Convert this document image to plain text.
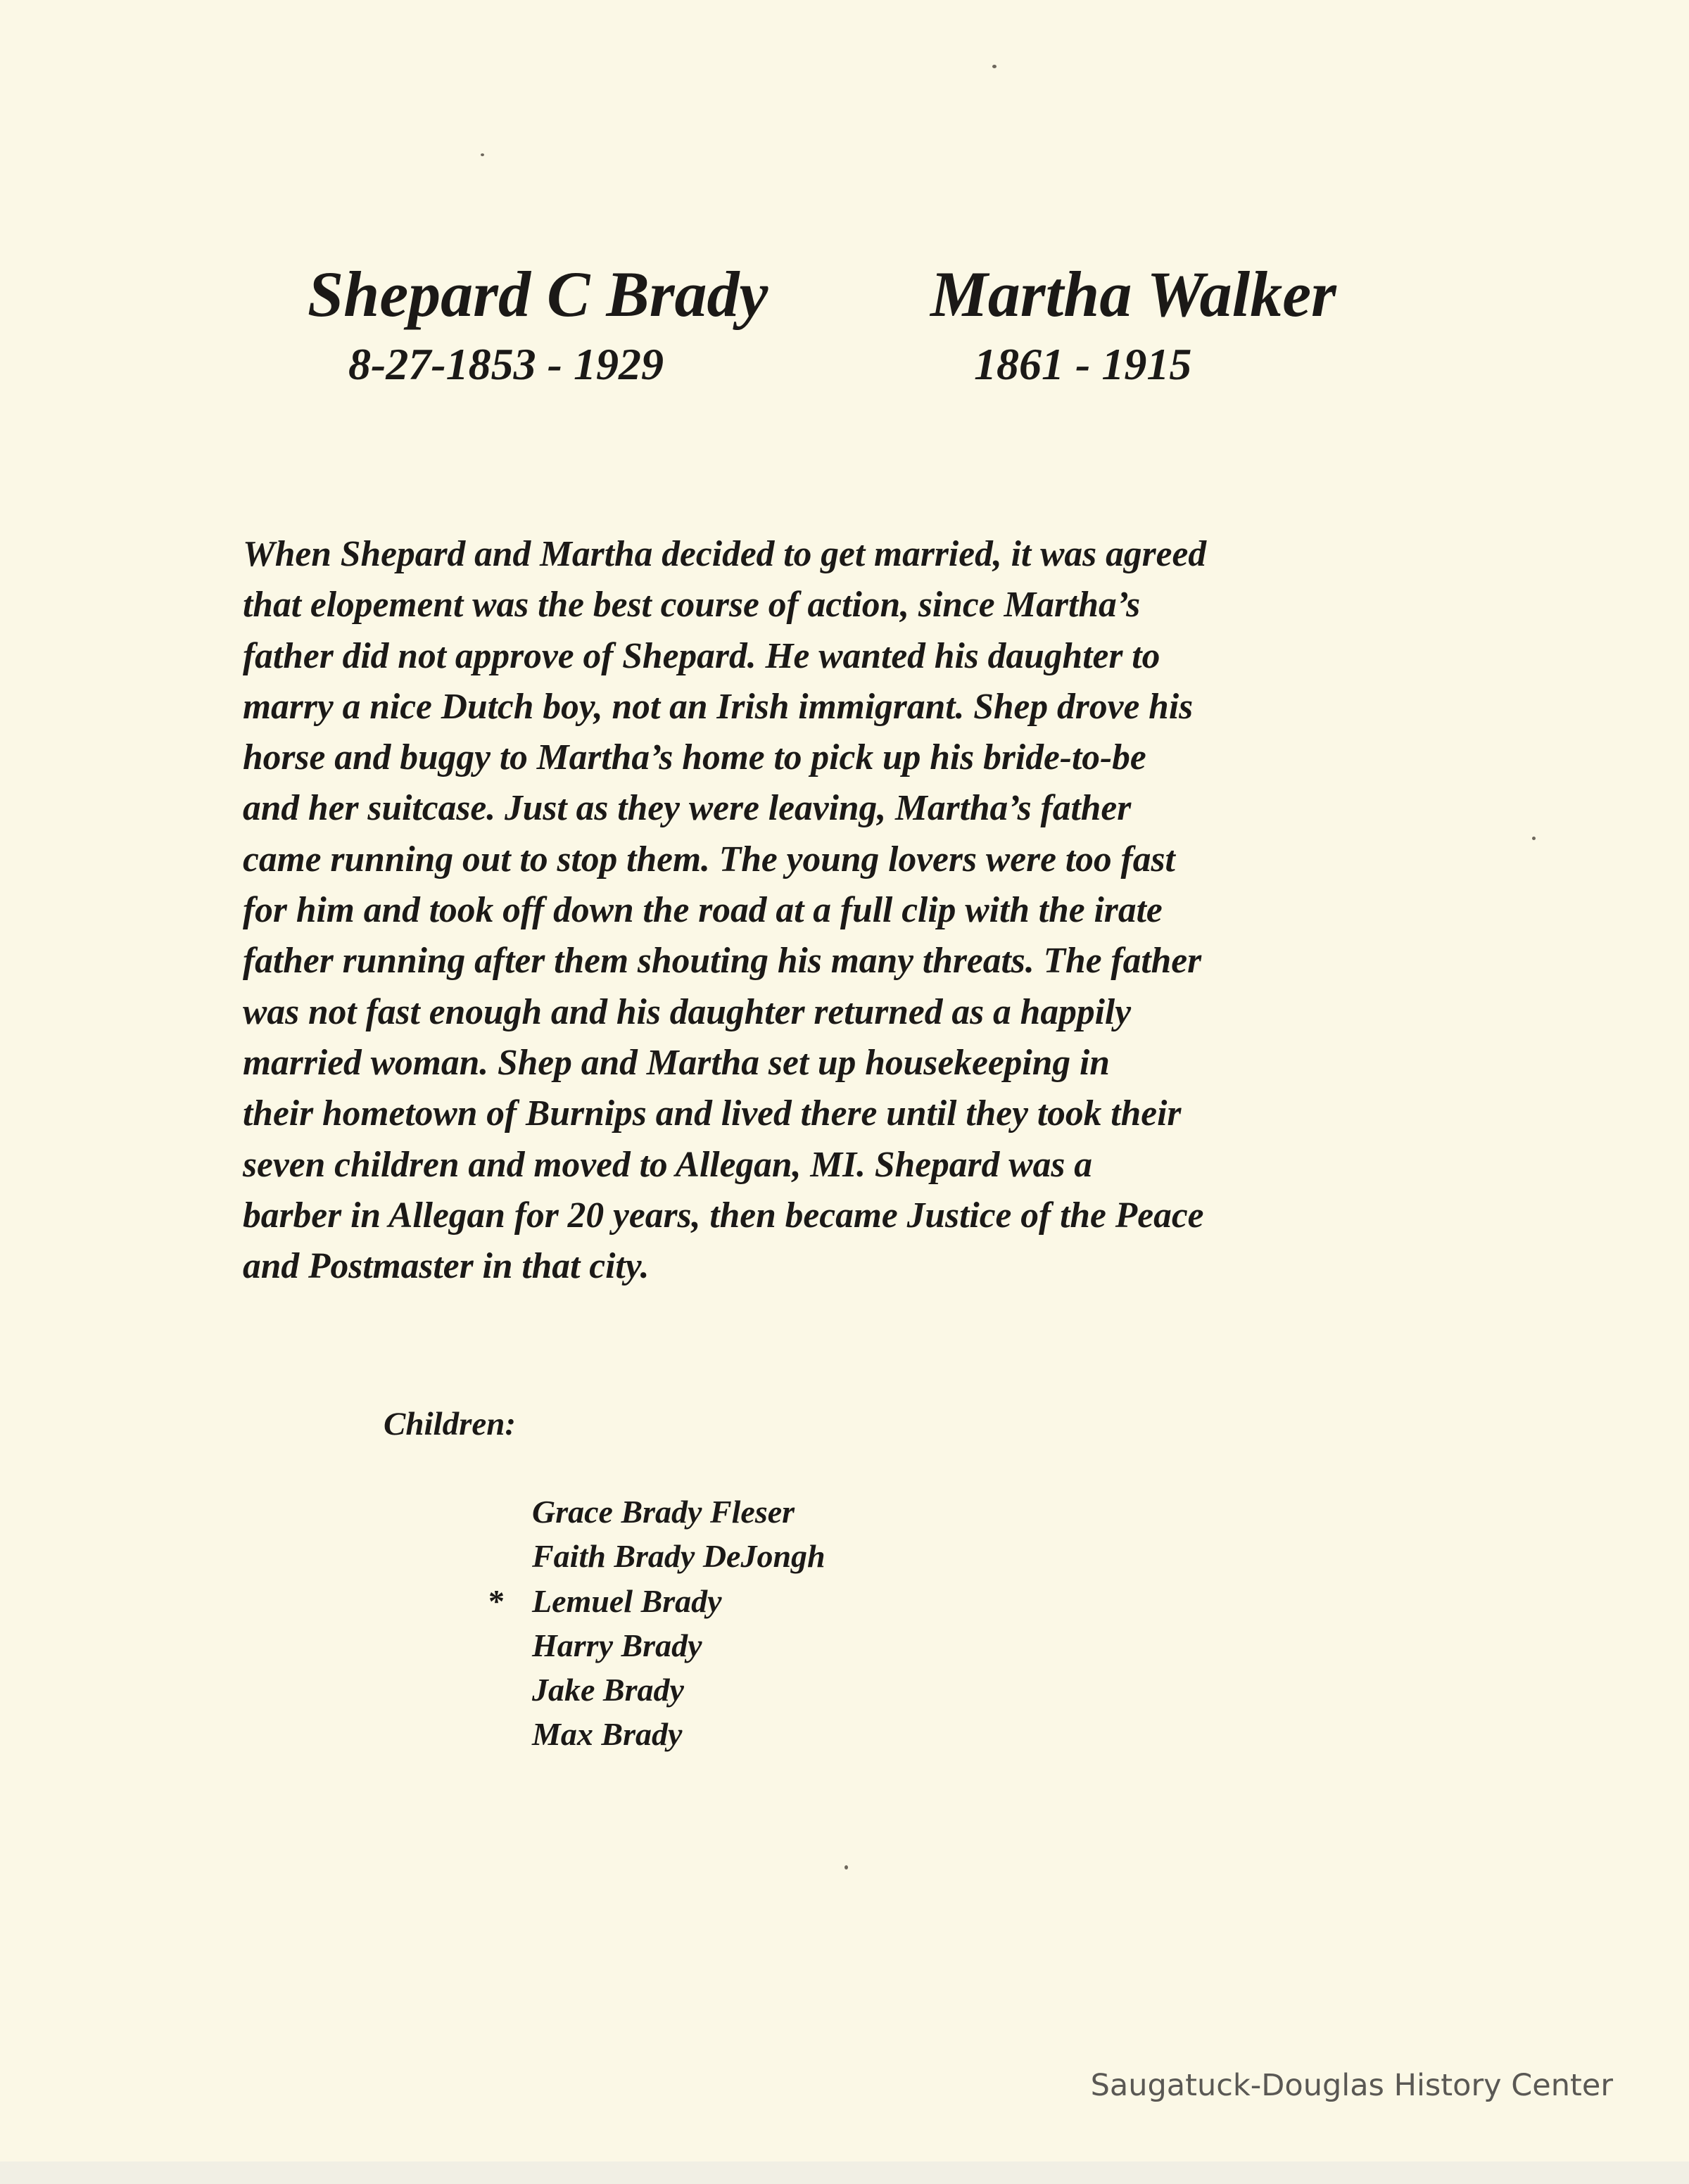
Shepard C Brady
8-27-1853 - 1929
Martha Walker
1861 - 1915
When Shepard and Martha decided to get married, it was agreed
that elopement was the best course of action, since Martha’s
father did not approve of Shepard. He wanted his daughter to
marry a nice Dutch boy, not an Irish immigrant. Shep drove his
horse and buggy to Martha’s home to pick up his bride-to-be
and her suitcase. Just as they were leaving, Martha’s father
came running out to stop them. The young lovers were too fast
for him and took off down the road at a full clip with the irate
father running after them shouting his many threats. The father
was not fast enough and his daughter returned as a happily
married woman. Shep and Martha set up housekeeping in
their hometown of Burnips and lived there until they took their
seven children and moved to Allegan, MI. Shepard was a
barber in Allegan for 20 years, then became Justice of the Peace
and Postmaster in that city.
Children:
Grace Brady Fleser
Faith Brady DeJongh
* Lemuel Brady
Harry Brady
Jake Brady
Max Brady
Saugatuck-Douglas History Center
